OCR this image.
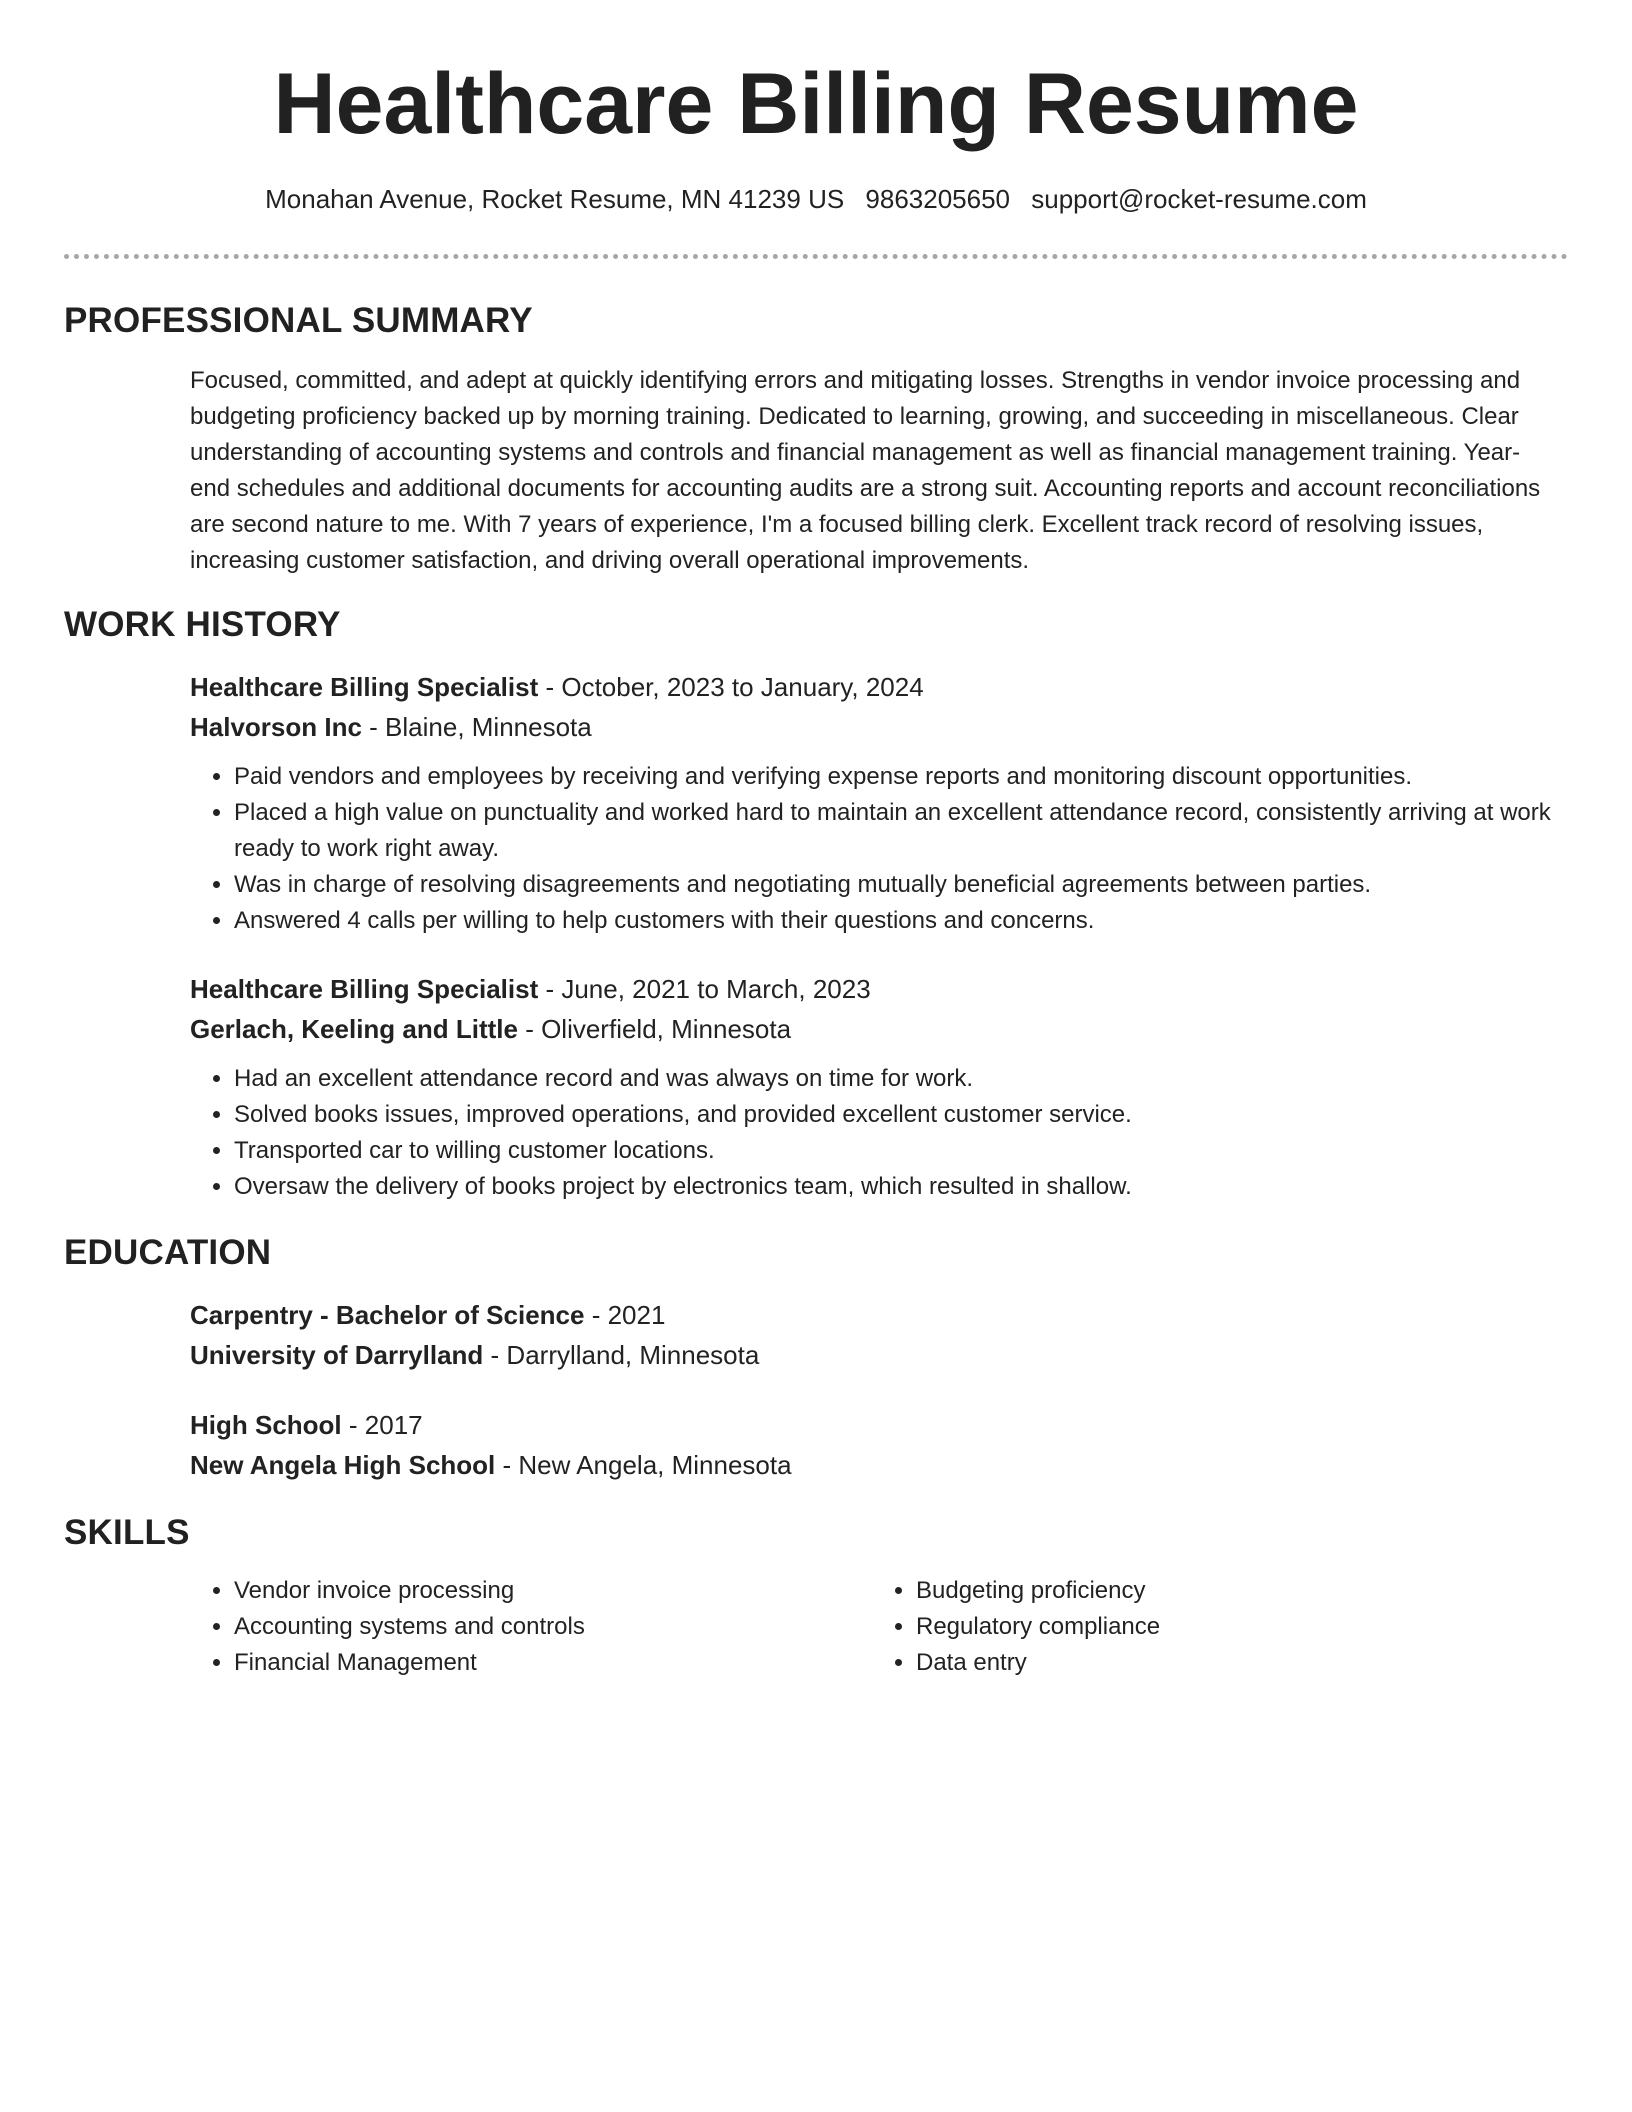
Healthcare Billing Resume
Monahan Avenue, Rocket Resume, MN 41239 US 9863205650 support@rocket-resume.com
PROFESSIONAL SUMMARY

Focused, committed, and adept at quickly identifying errors and mitigating losses. Strengths in vendor invoice processing and budgeting proficiency backed up by morning training. Dedicated to learning, growing, and succeeding in miscellaneous. Clear understanding of accounting systems and controls and financial management as well as financial management training. Year-end schedules and additional documents for accounting audits are a strong suit. Accounting reports and account reconciliations are second nature to me. With 7 years of experience, I'm a focused billing clerk. Excellent track record of resolving issues, increasing customer satisfaction, and driving overall operational improvements.

WORK HISTORY

Healthcare Billing Specialist - October, 2023 to January, 2024

Halvorson Inc - Blaine, Minnesota

• Paid vendors and employees by receiving and verifying expense reports and monitoring discount opportunities.
• Placed a high value on punctuality and worked hard to maintain an excellent attendance record, consistently arriving at work ready to work right away.
• Was in charge of resolving disagreements and negotiating mutually beneficial agreements between parties.
• Answered 4 calls per willing to help customers with their questions and concerns.

Healthcare Billing Specialist - June, 2021 to March, 2023

Gerlach, Keeling and Little - Oliverfield, Minnesota

• Had an excellent attendance record and was always on time for work.
• Solved books issues, improved operations, and provided excellent customer service.
• Transported car to willing customer locations.
• Oversaw the delivery of books project by electronics team, which resulted in shallow.
EDUCATION

Carpentry - Bachelor of Science - 2021

University of Darrylland - Darrylland, Minnesota

High School - 2017

New Angela High School - New Angela, Minnesota

SKILLS
• Vendor invoice processing
• Accounting systems and controls
• Financial Management
• Budgeting proficiency
• Regulatory compliance
• Data entry
